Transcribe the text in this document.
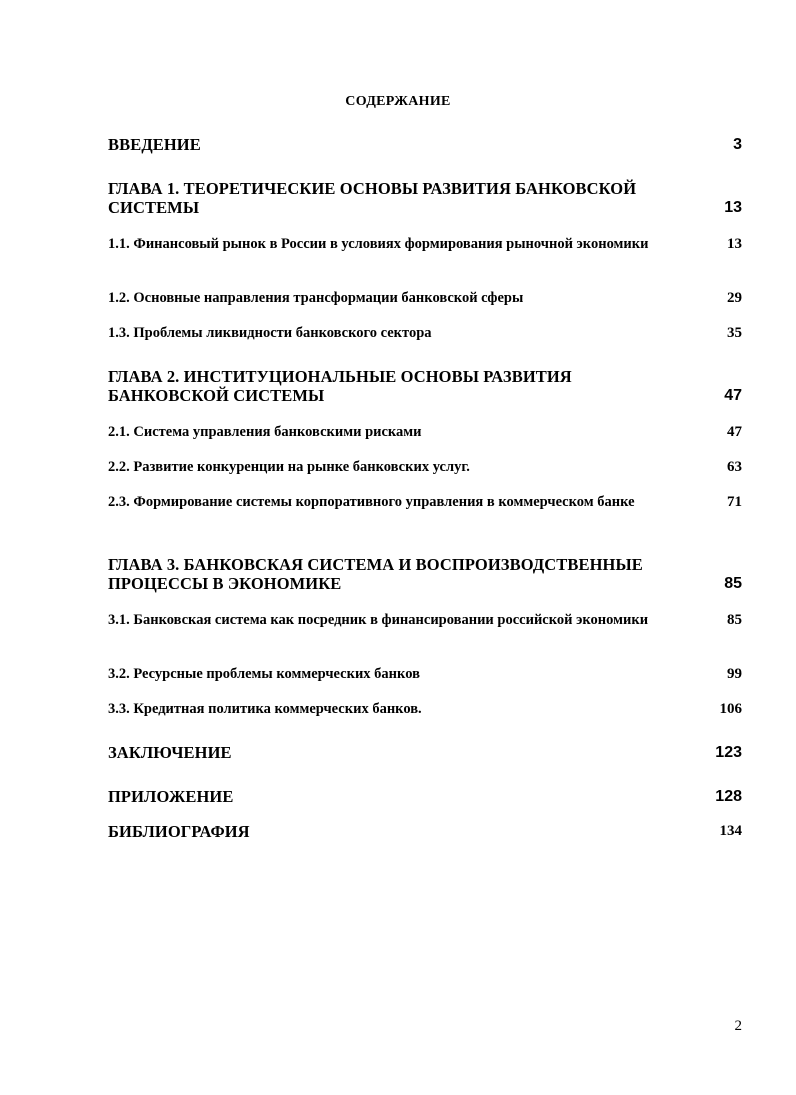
СОДЕРЖАНИЕ
ВВЕДЕНИЕ	3
ГЛАВА 1. ТЕОРЕТИЧЕСКИЕ ОСНОВЫ РАЗВИТИЯ БАНКОВСКОЙ СИСТЕМЫ	13
1.1. Финансовый рынок в России в условиях формирования рыночной экономики	13
1.2. Основные направления трансформации банковской сферы	29
1.3. Проблемы ликвидности банковского сектора	35
ГЛАВА 2. ИНСТИТУЦИОНАЛЬНЫЕ ОСНОВЫ РАЗВИТИЯ БАНКОВСКОЙ СИСТЕМЫ	47
2.1. Система управления банковскими рисками	47
2.2. Развитие конкуренции на рынке банковских услуг.	63
2.3. Формирование системы корпоративного управления в коммерческом банке	71
ГЛАВА 3. БАНКОВСКАЯ СИСТЕМА И ВОСПРОИЗВОДСТВЕННЫЕ ПРОЦЕССЫ В ЭКОНОМИКЕ	85
3.1. Банковская система как посредник в финансировании российской экономики	85
3.2. Ресурсные проблемы коммерческих банков	99
3.3. Кредитная политика коммерческих банков.	106
ЗАКЛЮЧЕНИЕ	123
ПРИЛОЖЕНИЕ	128
БИБЛИОГРАФИЯ	134
2
